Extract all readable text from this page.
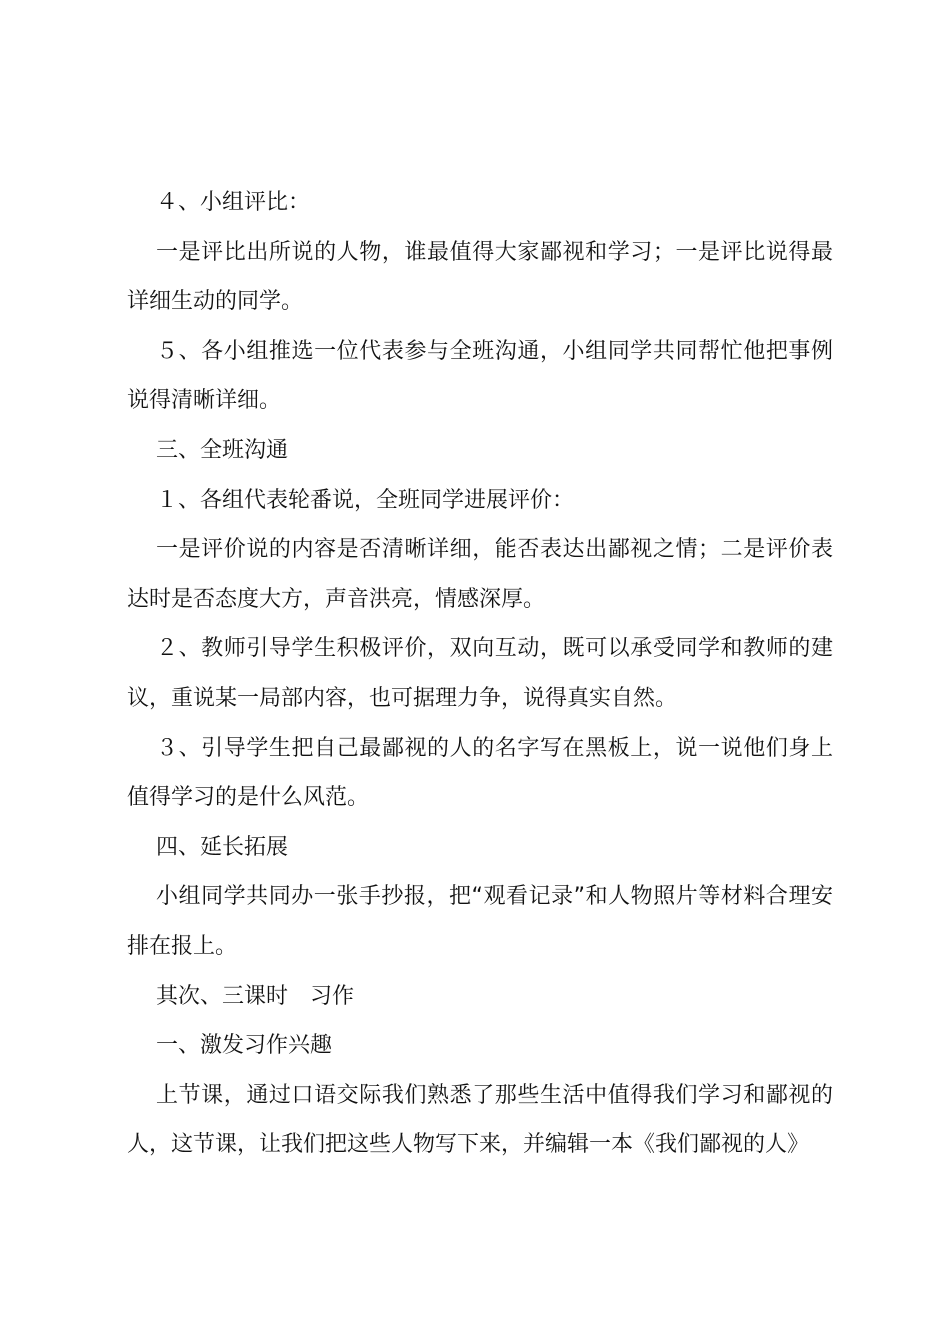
４、小组评比：

一是评比出所说的人物，谁最值得大家鄙视和学习；一是评比说得最详细生动的同学。

５、各小组推选一位代表参与全班沟通，小组同学共同帮忙他把事例说得清晰详细。

三、全班沟通

１、各组代表轮番说，全班同学进展评价：

一是评价说的内容是否清晰详细，能否表达出鄙视之情；二是评价表达时是否态度大方，声音洪亮，情感深厚。

２、教师引导学生积极评价，双向互动，既可以承受同学和教师的建议，重说某一局部内容，也可据理力争，说得真实自然。

３、引导学生把自己最鄙视的人的名字写在黑板上，说一说他们身上值得学习的是什么风范。

四、延长拓展

小组同学共同办一张手抄报，把“观看记录”和人物照片等材料合理安排在报上。

其次、三课时　习作

一、激发习作兴趣

上节课，通过口语交际我们熟悉了那些生活中值得我们学习和鄙视的人，这节课，让我们把这些人物写下来，并编辑一本《我们鄙视的人》
